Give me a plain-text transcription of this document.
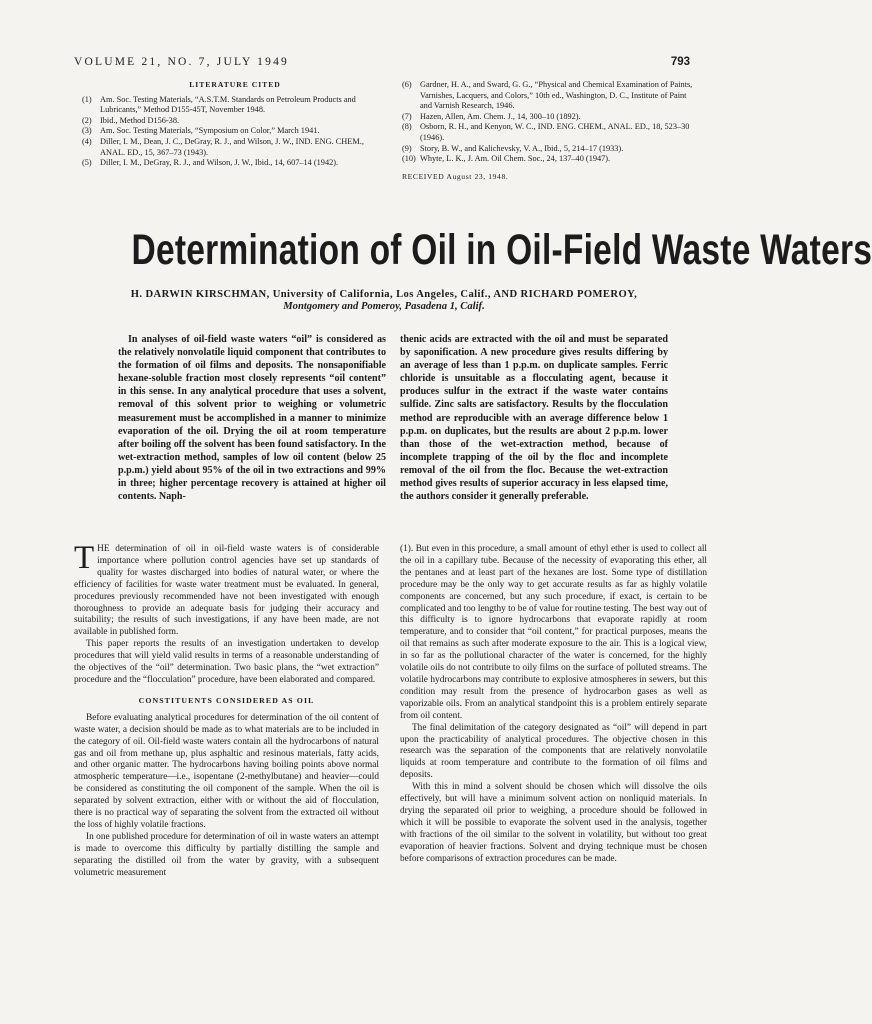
VOLUME 21, NO. 7, JULY 1949	793
LITERATURE CITED
(1)	Am. Soc. Testing Materials, “A.S.T.M. Standards on Petroleum Products and Lubricants,” Method D155-45T, November 1948.
(2)	Ibid., Method D156-38.
(3)	Am. Soc. Testing Materials, “Symposium on Color,” March 1941.
(4)	Diller, I. M., Dean, J. C., DeGray, R. J., and Wilson, J. W., IND. ENG. CHEM., ANAL. ED., 15, 367–73 (1943).
(5)	Diller, I. M., DeGray, R. J., and Wilson, J. W., Ibid., 14, 607–14 (1942).
(6)	Gardner, H. A., and Sward, G. G., “Physical and Chemical Examination of Paints, Varnishes, Lacquers, and Colors,” 10th ed., Washington, D. C., Institute of Paint and Varnish Research, 1946.
(7)	Hazen, Allen, Am. Chem. J., 14, 300–10 (1892).
(8)	Osborn, R. H., and Kenyon, W. C., IND. ENG. CHEM., ANAL. ED., 18, 523–30 (1946).
(9)	Story, B. W., and Kalichevsky, V. A., Ibid., 5, 214–17 (1933).
(10) Whyte, L. K., J. Am. Oil Chem. Soc., 24, 137–40 (1947).
RECEIVED August 23, 1948.
Determination of Oil in Oil-Field Waste Waters
H. DARWIN KIRSCHMAN, University of California, Los Angeles, Calif., AND RICHARD POMEROY,
Montgomery and Pomeroy, Pasadena 1, Calif.

In analyses of oil-field waste waters “oil” is considered as the relatively nonvolatile liquid component that contributes to the formation of oil films and deposits. The nonsaponifiable hexane-soluble fraction most closely represents “oil content” in this sense. In any analytical procedure that uses a solvent, removal of this solvent prior to weighing or volumetric measurement must be accomplished in a manner to minimize evaporation of the oil. Drying the oil at room temperature after boiling off the solvent has been found satisfactory. In the wet-extraction method, samples of low oil content (below 25 p.p.m.) yield about 95% of the oil in two extractions and 99% in three; higher percentage recovery is attained at higher oil contents. Naph-

thenic acids are extracted with the oil and must be separated by saponification. A new procedure gives results differing by an average of less than 1 p.p.m. on duplicate samples. Ferric chloride is unsuitable as a flocculating agent, because it produces sulfur in the extract if the waste water contains sulfide. Zinc salts are satisfactory. Results by the flocculation method are reproducible with an average difference below 1 p.p.m. on duplicates, but the results are about 2 p.p.m. lower than those of the wet-extraction method, because of incomplete trapping of the oil by the floc and incomplete removal of the oil from the floc. Because the wet-extraction method gives results of superior accuracy in less elapsed time, the authors consider it generally preferable.

THE determination of oil in oil-field waste waters is of considerable importance where pollution control agencies have set up standards of quality for wastes discharged into bodies of natural water, or where the efficiency of facilities for waste water treatment must be evaluated. In general, procedures previously recommended have not been investigated with enough thoroughness to provide an adequate basis for judging their accuracy and suitability; the results of such investigations, if any have been made, are not available in published form.

This paper reports the results of an investigation undertaken to develop procedures that will yield valid results in terms of a reasonable understanding of the objectives of the “oil” determination. Two basic plans, the “wet extraction” procedure and the “flocculation” procedure, have been elaborated and compared.

CONSTITUENTS CONSIDERED AS OIL

Before evaluating analytical procedures for determination of the oil content of waste water, a decision should be made as to what materials are to be included in the category of oil. Oil-field waste waters contain all the hydrocarbons of natural gas and oil from methane up, plus asphaltic and resinous materials, fatty acids, and other organic matter. The hydrocarbons having boiling points above normal atmospheric temperature—i.e., isopentane (2-methylbutane) and heavier—could be considered as constituting the oil component of the sample. When the oil is separated by solvent extraction, either with or without the aid of flocculation, there is no practical way of separating the solvent from the extracted oil without the loss of highly volatile fractions.

In one published procedure for determination of oil in waste waters an attempt is made to overcome this difficulty by partially distilling the sample and separating the distilled oil from the water by gravity, with a subsequent volumetric measurement

(1). But even in this procedure, a small amount of ethyl ether is used to collect all the oil in a capillary tube. Because of the necessity of evaporating this ether, all the pentanes and at least part of the hexanes are lost. Some type of distillation procedure may be the only way to get accurate results as far as highly volatile components are concerned, but any such procedure, if exact, is certain to be complicated and too lengthy to be of value for routine testing. The best way out of this difficulty is to ignore hydrocarbons that evaporate rapidly at room temperature, and to consider that “oil content,” for practical purposes, means the oil that remains as such after moderate exposure to the air. This is a logical view, in so far as the pollutional character of the water is concerned, for the highly volatile oils do not contribute to oily films on the surface of polluted streams. The volatile hydrocarbons may contribute to explosive atmospheres in sewers, but this condition may result from the presence of hydrocarbon gases as well as vaporizable oils. From an analytical standpoint this is a problem entirely separate from oil content.

The final delimitation of the category designated as “oil” will depend in part upon the practicability of analytical procedures. The objective chosen in this research was the separation of the components that are relatively nonvolatile liquids at room temperature and contribute to the formation of oil films and deposits.

With this in mind a solvent should be chosen which will dissolve the oils effectively, but will have a minimum solvent action on nonliquid materials. In drying the separated oil prior to weighing, a procedure should be followed in which it will be possible to evaporate the solvent used in the analysis, together with fractions of the oil similar to the solvent in volatility, but without too great evaporation of heavier fractions. Solvent and drying technique must be chosen before comparisons of extraction procedures can be made.
